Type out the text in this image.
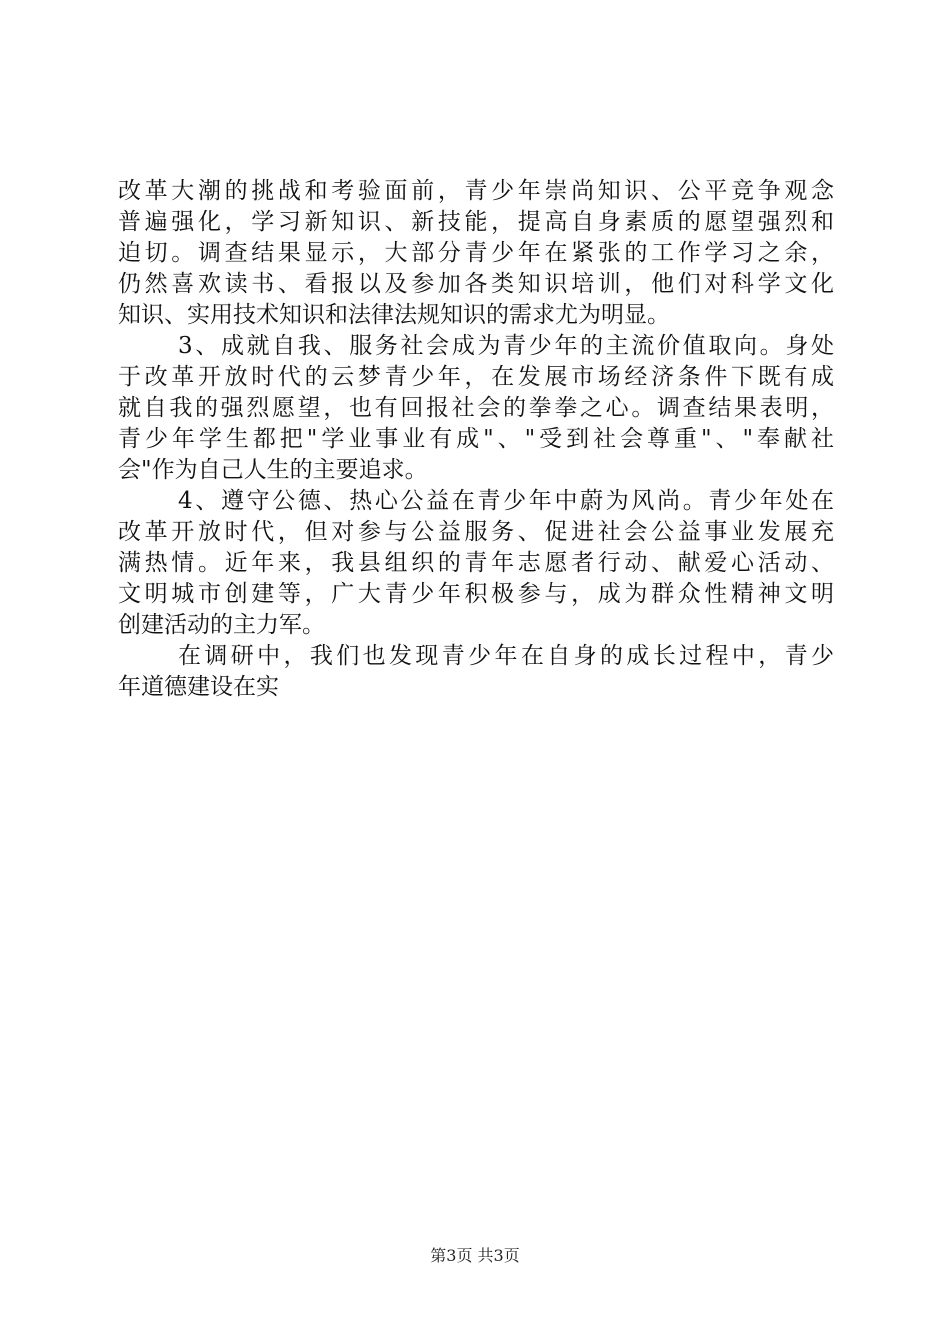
改革大潮的挑战和考验面前，青少年崇尚知识、公平竞争观念
普遍强化，学习新知识、新技能，提高自身素质的愿望强烈和
迫切。调查结果显示，大部分青少年在紧张的工作学习之余，
仍然喜欢读书、看报以及参加各类知识培训，他们对科学文化
知识、实用技术知识和法律法规知识的需求尤为明显。
3、成就自我、服务社会成为青少年的主流价值取向。身处
于改革开放时代的云梦青少年，在发展市场经济条件下既有成
就自我的强烈愿望，也有回报社会的拳拳之心。调查结果表明，
青少年学生都把"学业事业有成"、"受到社会尊重"、"奉献社
会"作为自己人生的主要追求。
4、遵守公德、热心公益在青少年中蔚为风尚。青少年处在
改革开放时代，但对参与公益服务、促进社会公益事业发展充
满热情。近年来，我县组织的青年志愿者行动、献爱心活动、
文明城市创建等，广大青少年积极参与，成为群众性精神文明
创建活动的主力军。
在调研中，我们也发现青少年在自身的成长过程中，青少
年道德建设在实
第3页 共3页
